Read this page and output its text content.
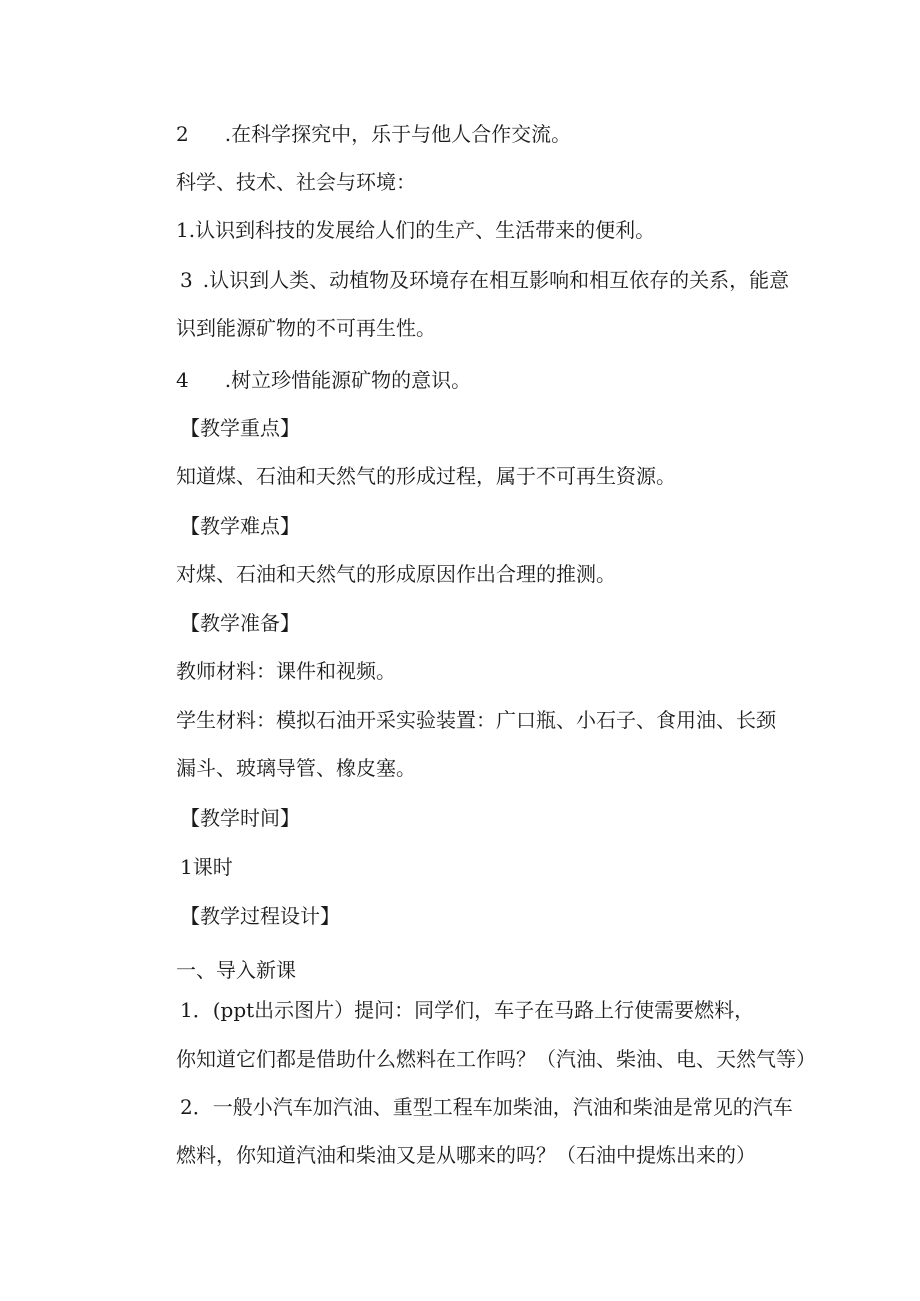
2 .在科学探究中，乐于与他人合作交流。
科学、技术、社会与环境：
1.认识到科技的发展给人们的生产、生活带来的便利。
3 .认识到人类、动植物及环境存在相互影响和相互依存的关系，能意
识到能源矿物的不可再生性。
4 .树立珍惜能源矿物的意识。
【教学重点】
知道煤、石油和天然气的形成过程，属于不可再生资源。
【教学难点】
对煤、石油和天然气的形成原因作出合理的推测。
【教学准备】
教师材料：课件和视频。
学生材料：模拟石油开采实验装置：广口瓶、小石子、食用油、长颈
漏斗、玻璃导管、橡皮塞。
【教学时间】
1课时
【教学过程设计】
一、导入新课
1．(ppt出示图片）提问：同学们，车子在马路上行使需要燃料，
你知道它们都是借助什么燃料在工作吗？（汽油、柴油、电、天然气等）
2．一般小汽车加汽油、重型工程车加柴油，汽油和柴油是常见的汽车
燃料，你知道汽油和柴油又是从哪来的吗？（石油中提炼出来的）
